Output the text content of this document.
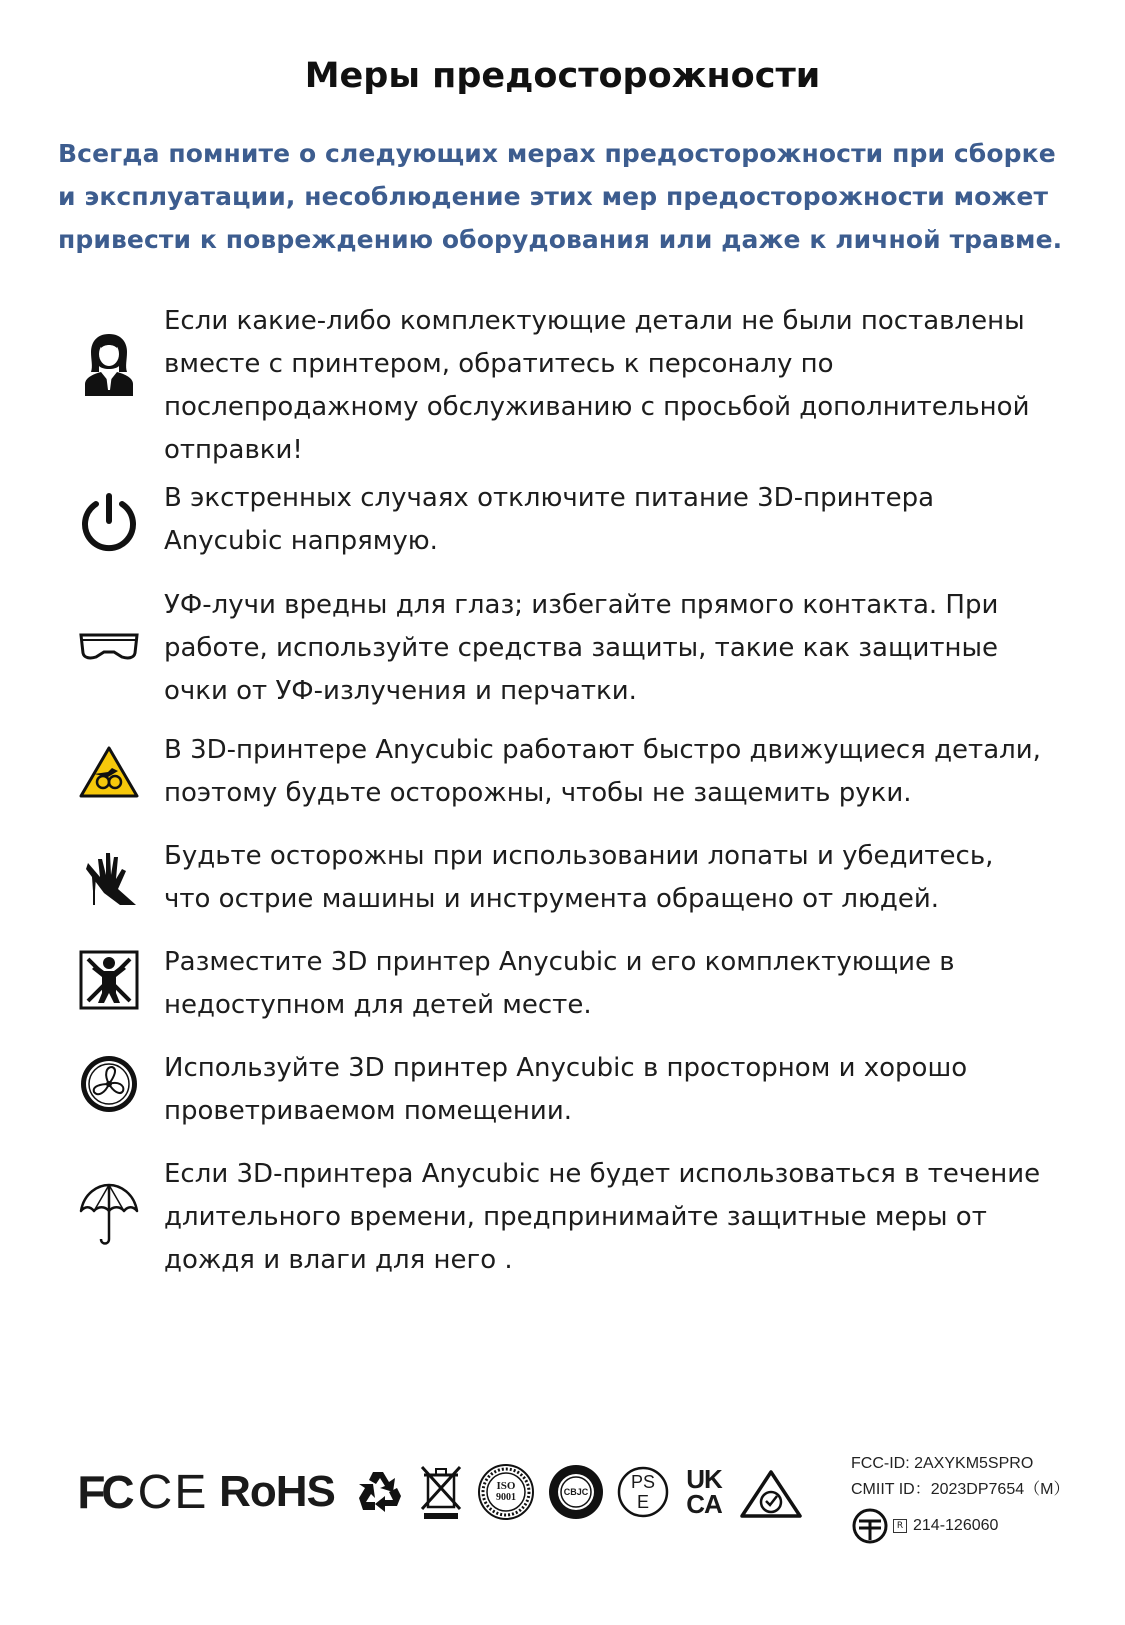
Меры предосторожности

Всегда помните о следующих мерах предосторожности при сборке и эксплуатации, несоблюдение этих мер предосторожности может привести к повреждению оборудования или даже к личной травме.

Если какие-либо комплектующие детали не были поставлены вместе с принтером, обратитесь к персоналу по послепродажному обслуживанию с просьбой дополнительной отправки!

В экстренных случаях отключите питание 3D-принтера Anycubic напрямую.

УФ-лучи вредны для глаз; избегайте прямого контакта. При работе, используйте средства защиты, такие как защитные очки от УФ-излучения и перчатки.

В 3D-принтере Anycubic работают быстро движущиеся детали, поэтому будьте осторожны, чтобы не защемить руки.

Будьте осторожны при использовании лопаты и убедитесь, что острие машины и инструмента обращено от людей.

Разместите 3D принтер Anycubic и его комплектующие в недоступном для детей месте.

Используйте 3D принтер Anycubic в просторном и хорошо проветриваемом помещении.

Если 3D-принтера Anycubic не будет использоваться в течение длительного времени, предпринимайте защитные меры от дождя и влаги для него .

FC CE RoHS	ISO
9001	CBJC PS
E
UK
CA
FCC-ID: 2AXYKM5SPRO
CMIIT ID：2023DP7654（M）
R 214-126060
